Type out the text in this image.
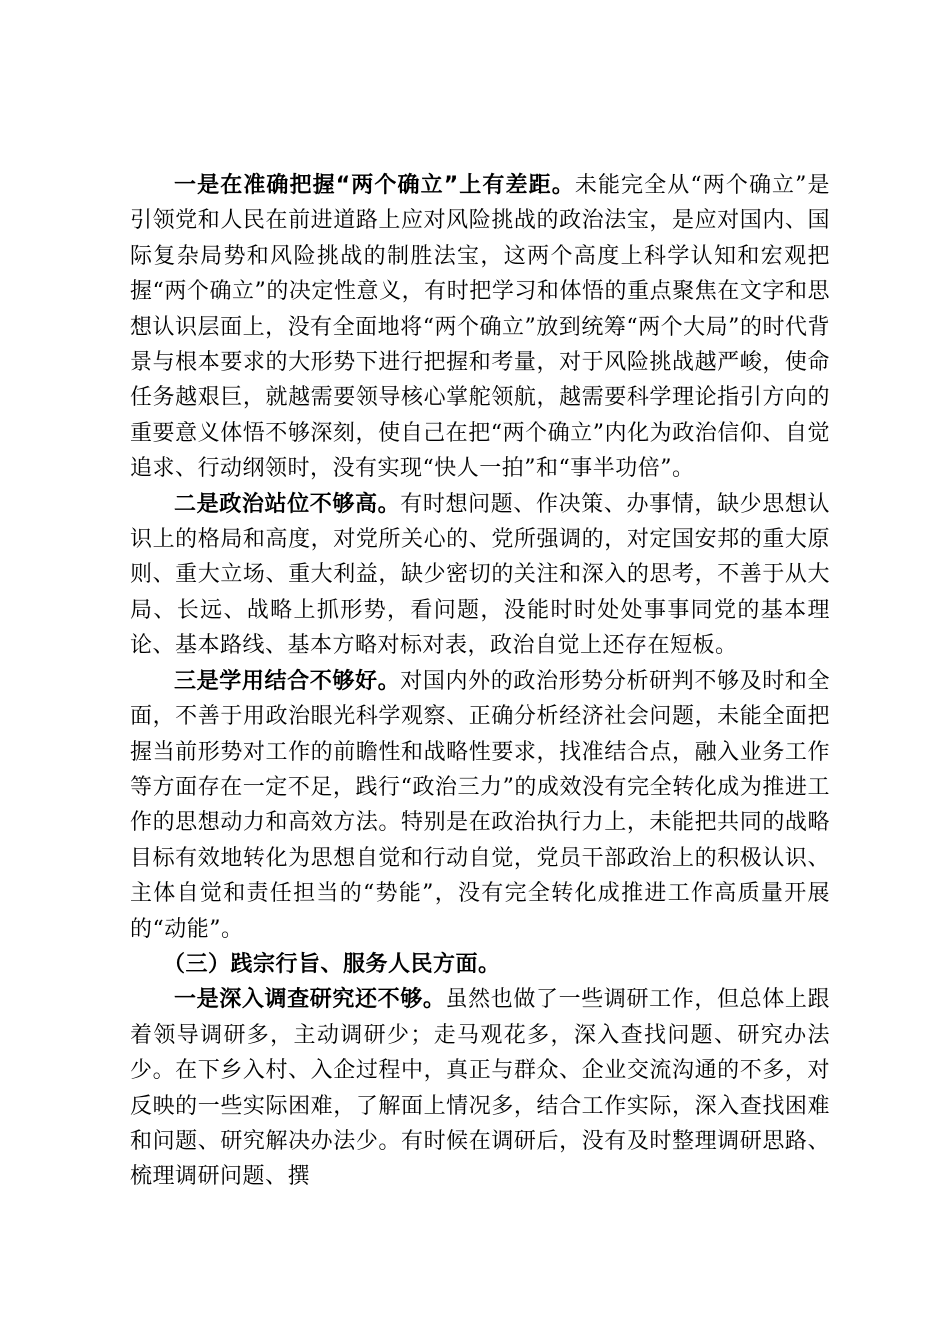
一是在准确把握“两个确立”上有差距。未能完全从“两个确立”是引领党和人民在前进道路上应对风险挑战的政治法宝，是应对国内、国际复杂局势和风险挑战的制胜法宝，这两个高度上科学认知和宏观把握“两个确立”的决定性意义，有时把学习和体悟的重点聚焦在文字和思想认识层面上，没有全面地将“两个确立”放到统筹“两个大局”的时代背景与根本要求的大形势下进行把握和考量，对于风险挑战越严峻，使命任务越艰巨，就越需要领导核心掌舵领航，越需要科学理论指引方向的重要意义体悟不够深刻，使自己在把“两个确立”内化为政治信仰、自觉追求、行动纲领时，没有实现“快人一拍”和“事半功倍”。

二是政治站位不够高。有时想问题、作决策、办事情，缺少思想认识上的格局和高度，对党所关心的、党所强调的，对定国安邦的重大原则、重大立场、重大利益，缺少密切的关注和深入的思考，不善于从大局、长远、战略上抓形势，看问题，没能时时处处事事同党的基本理论、基本路线、基本方略对标对表，政治自觉上还存在短板。

三是学用结合不够好。对国内外的政治形势分析研判不够及时和全面，不善于用政治眼光科学观察、正确分析经济社会问题，未能全面把握当前形势对工作的前瞻性和战略性要求，找准结合点，融入业务工作等方面存在一定不足，践行“政治三力”的成效没有完全转化成为推进工作的思想动力和高效方法。特别是在政治执行力上，未能把共同的战略目标有效地转化为思想自觉和行动自觉，党员干部政治上的积极认识、主体自觉和责任担当的“势能”，没有完全转化成推进工作高质量开展的“动能”。

（三）践宗行旨、服务人民方面。

一是深入调查研究还不够。虽然也做了一些调研工作，但总体上跟着领导调研多，主动调研少；走马观花多，深入查找问题、研究办法少。在下乡入村、入企过程中，真正与群众、企业交流沟通的不多，对反映的一些实际困难，了解面上情况多，结合工作实际，深入查找困难和问题、研究解决办法少。有时候在调研后，没有及时整理调研思路、梳理调研问题、撰
